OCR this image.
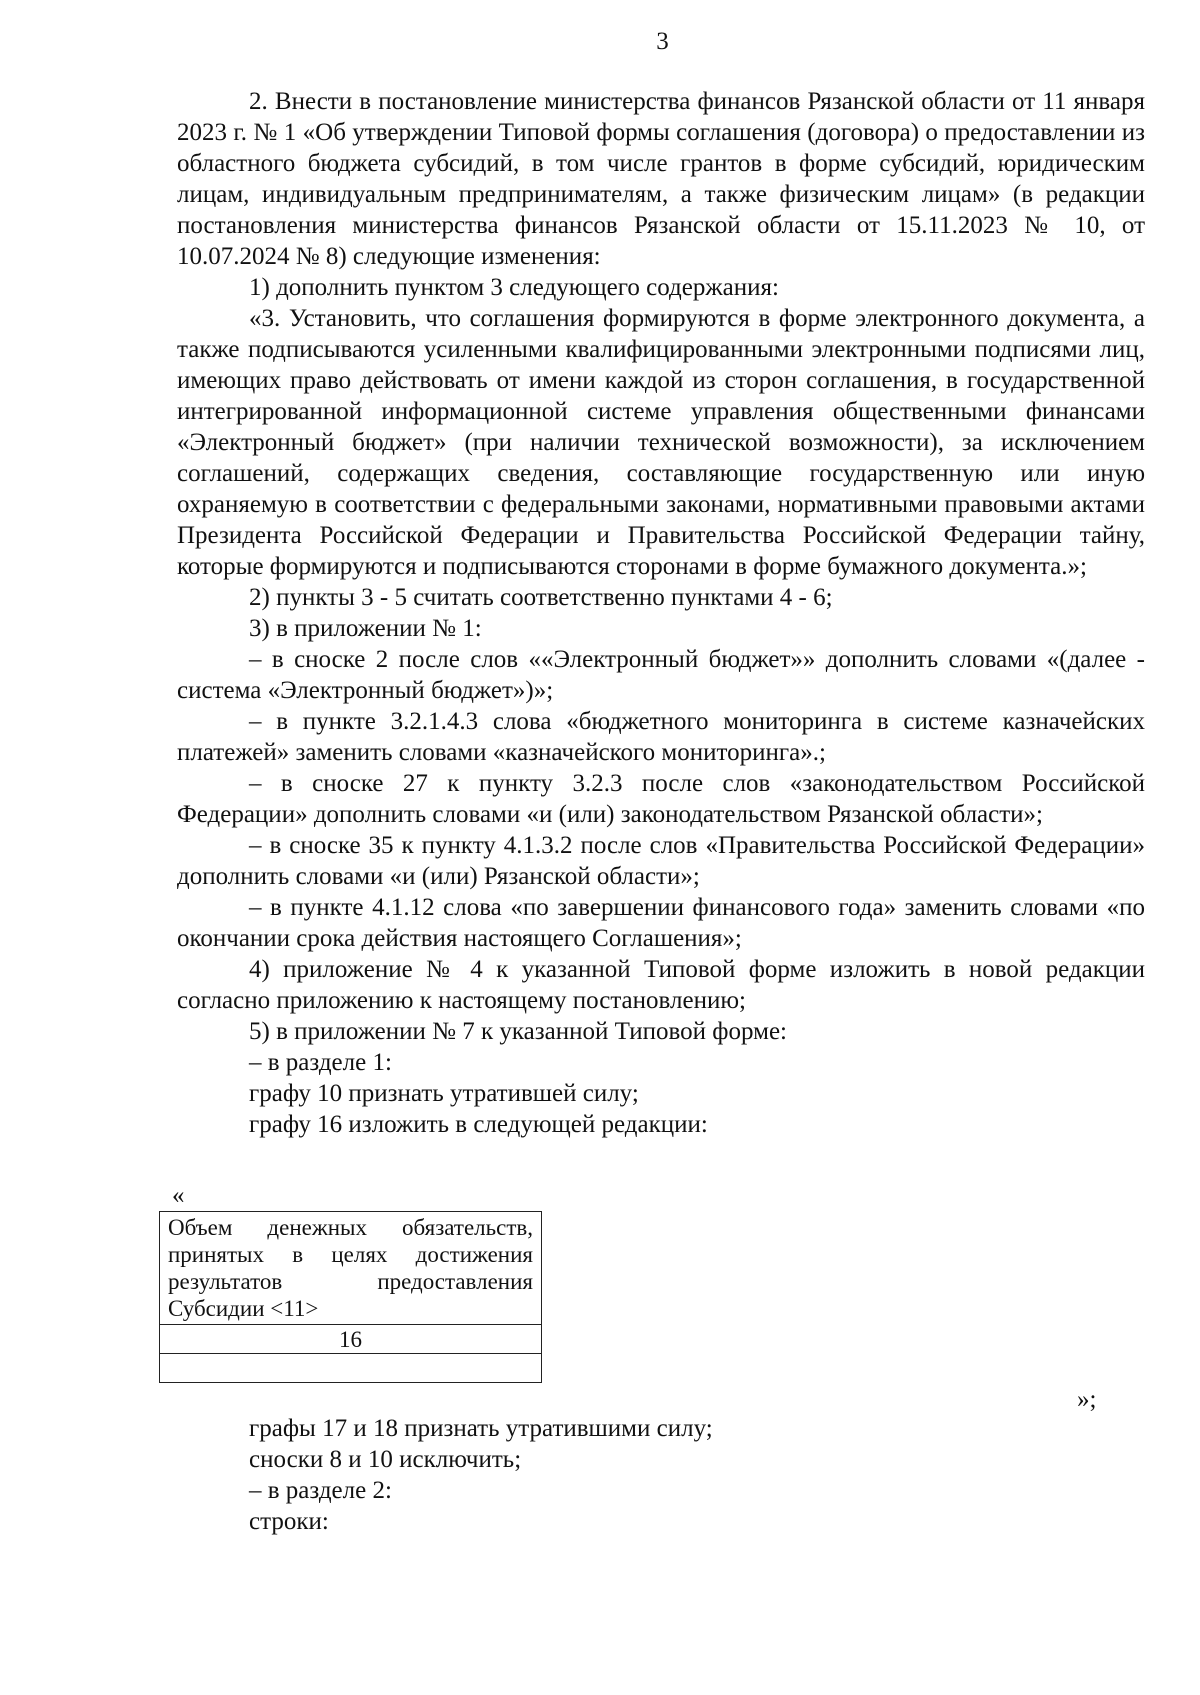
3

2. Внести в постановление министерства финансов Рязанской области от 11 января 2023 г. № 1 «Об утверждении Типовой формы соглашения (договора) о предоставлении из областного бюджета субсидий, в том числе грантов в форме субсидий, юридическим лицам, индивидуальным предпринимателям, а также физическим лицам» (в редакции постановления министерства финансов Рязанской области от 15.11.2023 № 10, от 10.07.2024 № 8) следующие изменения:

1) дополнить пунктом 3 следующего содержания:

«3. Установить, что соглашения формируются в форме электронного документа, а также подписываются усиленными квалифицированными электронными подписями лиц, имеющих право действовать от имени каждой из сторон соглашения, в государственной интегрированной информационной системе управления общественными финансами «Электронный бюджет» (при наличии технической возможности), за исключением соглашений, содержащих сведения, составляющие государственную или иную охраняемую в соответствии с федеральными законами, нормативными правовыми актами Президента Российской Федерации и Правительства Российской Федерации тайну, которые формируются и подписываются сторонами в форме бумажного документа.»;

2) пункты 3 - 5 считать соответственно пунктами 4 - 6;

3) в приложении № 1:

– в сноске 2 после слов ««Электронный бюджет»» дополнить словами «(далее - система «Электронный бюджет»)»;

– в пункте 3.2.1.4.3 слова «бюджетного мониторинга в системе казначейских платежей» заменить словами «казначейского мониторинга».;

– в сноске 27 к пункту 3.2.3 после слов «законодательством Российской Федерации» дополнить словами «и (или) законодательством Рязанской области»;

– в сноске 35 к пункту 4.1.3.2 после слов «Правительства Российской Федерации» дополнить словами «и (или) Рязанской области»;

– в пункте 4.1.12 слова «по завершении финансового года» заменить словами «по окончании срока действия настоящего Соглашения»;

4) приложение № 4 к указанной Типовой форме изложить в новой редакции согласно приложению к настоящему постановлению;

5) в приложении № 7 к указанной Типовой форме:

– в разделе 1:

графу 10 признать утратившей силу;

графу 16 изложить в следующей редакции:

«
Объем денежных обязательств, принятых в целях достижения результатов предоставления
Субсидии <11>

16

»;

графы 17 и 18 признать утратившими силу;

сноски 8 и 10 исключить;

– в разделе 2:

строки:
